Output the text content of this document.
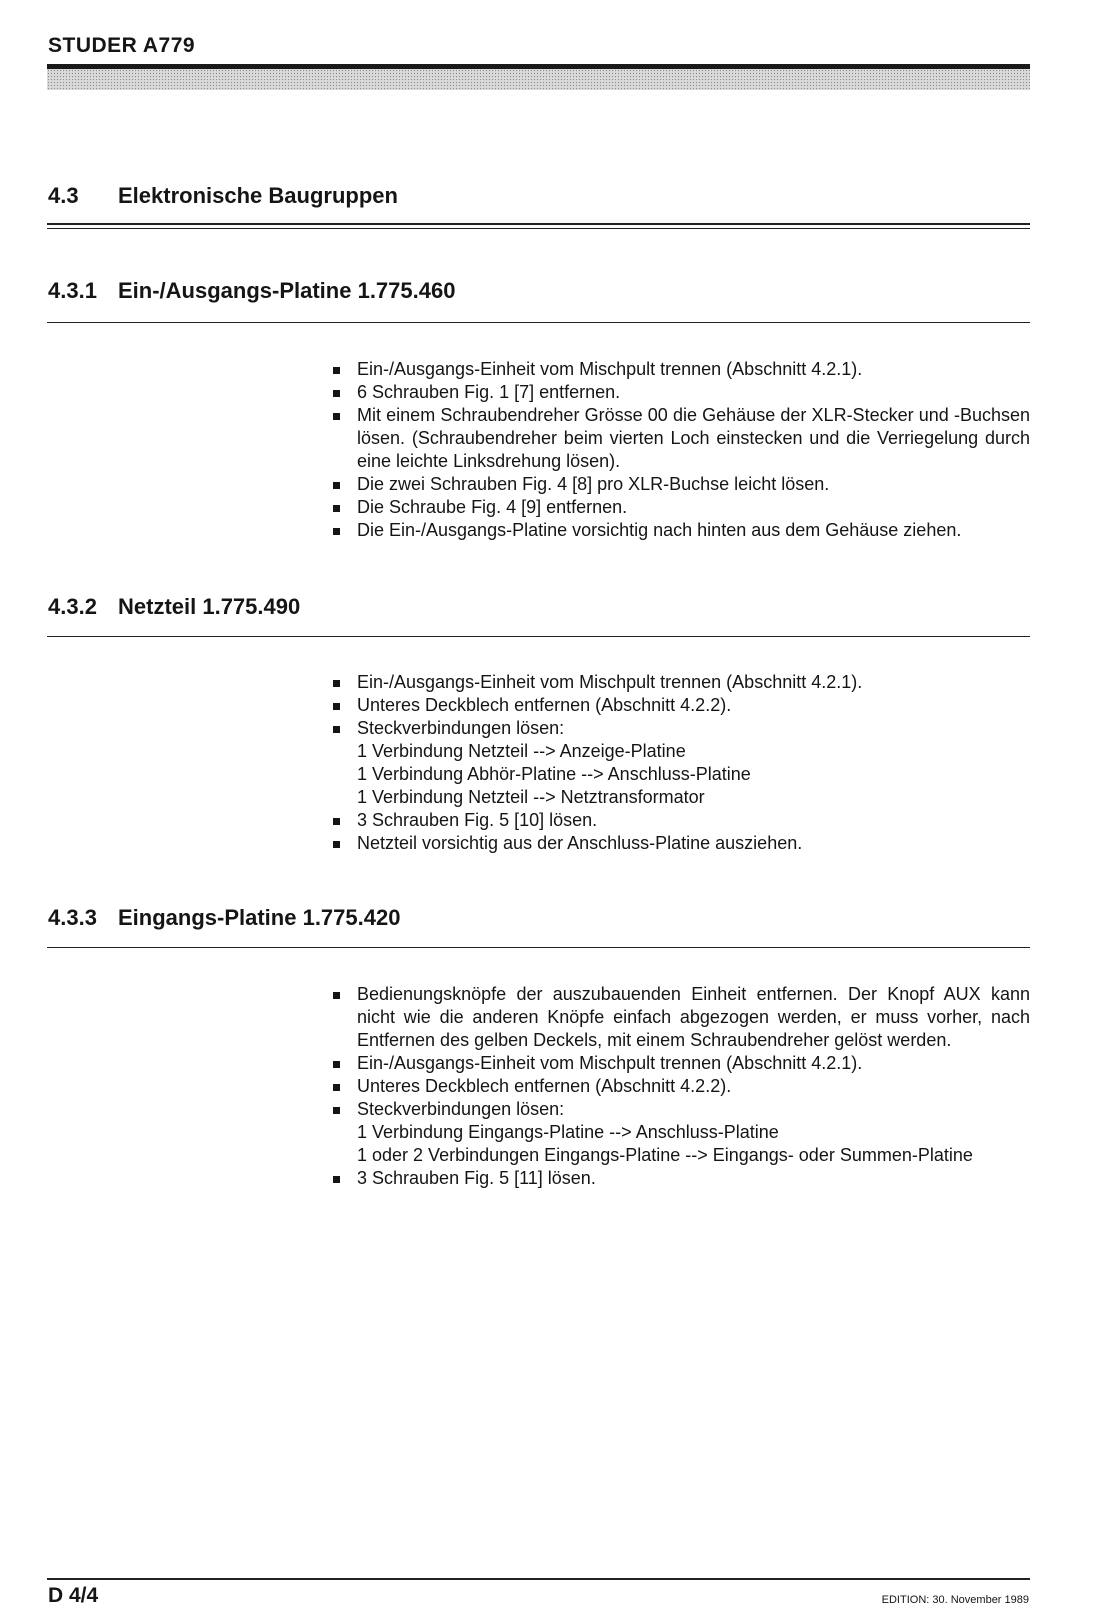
STUDER A779
4.3 Elektronische Baugruppen
4.3.1 Ein-/Ausgangs-Platine 1.775.460
Ein-/Ausgangs-Einheit vom Mischpult trennen (Abschnitt 4.2.1).
6 Schrauben Fig. 1 [7] entfernen.
Mit einem Schraubendreher Grösse 00 die Gehäuse der XLR-Stecker und -Buchsen lösen. (Schraubendreher beim vierten Loch einstecken und die Verriegelung durch eine leichte Linksdrehung lösen).
Die zwei Schrauben Fig. 4 [8] pro XLR-Buchse leicht lösen.
Die Schraube Fig. 4 [9] entfernen.
Die Ein-/Ausgangs-Platine vorsichtig nach hinten aus dem Gehäuse ziehen.
4.3.2 Netzteil 1.775.490
Ein-/Ausgangs-Einheit vom Mischpult trennen (Abschnitt 4.2.1).
Unteres Deckblech entfernen (Abschnitt 4.2.2).
Steckverbindungen lösen:
1 Verbindung Netzteil --> Anzeige-Platine
1 Verbindung Abhör-Platine --> Anschluss-Platine
1 Verbindung Netzteil --> Netztransformator
3 Schrauben Fig. 5 [10] lösen.
Netzteil vorsichtig aus der Anschluss-Platine ausziehen.
4.3.3 Eingangs-Platine 1.775.420
Bedienungsknöpfe der auszubauenden Einheit entfernen. Der Knopf AUX kann nicht wie die anderen Knöpfe einfach abgezogen werden, er muss vorher, nach Entfernen des gelben Deckels, mit einem Schraubendreher gelöst werden.
Ein-/Ausgangs-Einheit vom Mischpult trennen (Abschnitt 4.2.1).
Unteres Deckblech entfernen (Abschnitt 4.2.2).
Steckverbindungen lösen:
1 Verbindung Eingangs-Platine --> Anschluss-Platine
1 oder 2 Verbindungen Eingangs-Platine --> Eingangs- oder Summen-Platine
3 Schrauben Fig. 5 [11] lösen.
D 4/4	EDITION: 30. November 1989
